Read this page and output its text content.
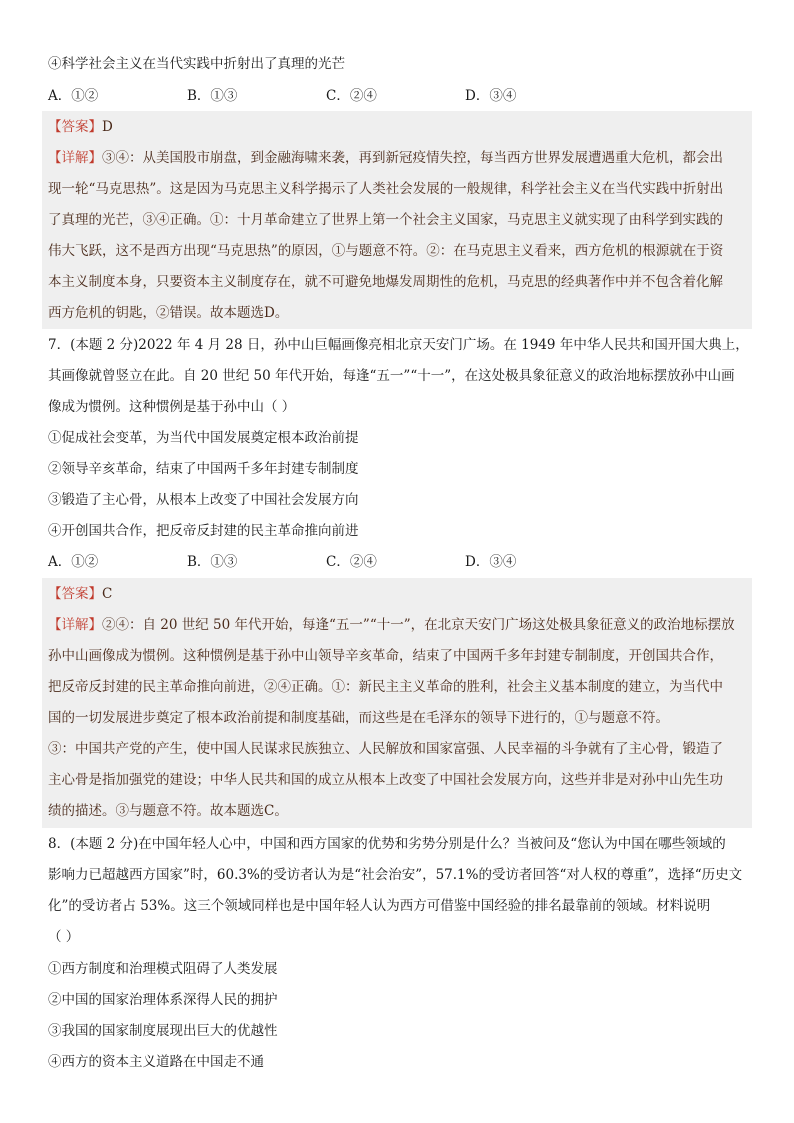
④科学社会主义在当代实践中折射出了真理的光芒
A．①②	B．①③	C．②④	D．③④
【答案】D
【详解】③④：从美国股市崩盘，到金融海啸来袭，再到新冠疫情失控，每当西方世界发展遭遇重大危机，都会出
现一轮“马克思热”。这是因为马克思主义科学揭示了人类社会发展的一般规律，科学社会主义在当代实践中折射出
了真理的光芒，③④正确。①：十月革命建立了世界上第一个社会主义国家，马克思主义就实现了由科学到实践的
伟大飞跃，这不是西方出现“马克思热”的原因，①与题意不符。②：在马克思主义看来，西方危机的根源就在于资
本主义制度本身，只要资本主义制度存在，就不可避免地爆发周期性的危机，马克思的经典著作中并不包含着化解
西方危机的钥匙，②错误。故本题选D。
7．(本题 2 分)2022 年 4 月 28 日，孙中山巨幅画像亮相北京天安门广场。在 1949 年中华人民共和国开国大典上，
其画像就曾竖立在此。自 20 世纪 50 年代开始，每逢“五一”“十一”，在这处极具象征意义的政治地标摆放孙中山画
像成为惯例。这种惯例是基于孙中山（ ）
①促成社会变革，为当代中国发展奠定根本政治前提
②领导辛亥革命，结束了中国两千多年封建专制制度
③锻造了主心骨，从根本上改变了中国社会发展方向
④开创国共合作，把反帝反封建的民主革命推向前进
A．①②	B．①③	C．②④	D．③④
【答案】C
【详解】②④：自 20 世纪 50 年代开始，每逢“五一”“十一”，在北京天安门广场这处极具象征意义的政治地标摆放
孙中山画像成为惯例。这种惯例是基于孙中山领导辛亥革命，结束了中国两千多年封建专制制度，开创国共合作，
把反帝反封建的民主革命推向前进，②④正确。①：新民主主义革命的胜利，社会主义基本制度的建立，为当代中
国的一切发展进步奠定了根本政治前提和制度基础，而这些是在毛泽东的领导下进行的，①与题意不符。
③：中国共产党的产生，使中国人民谋求民族独立、人民解放和国家富强、人民幸福的斗争就有了主心骨，锻造了
主心骨是指加强党的建设；中华人民共和国的成立从根本上改变了中国社会发展方向，这些并非是对孙中山先生功
绩的描述。③与题意不符。故本题选C。
8．(本题 2 分)在中国年轻人心中，中国和西方国家的优势和劣势分别是什么？当被问及“您认为中国在哪些领域的
影响力已超越西方国家”时，60.3%的受访者认为是“社会治安”，57.1%的受访者回答“对人权的尊重”，选择“历史文
化”的受访者占 53%。这三个领域同样也是中国年轻人认为西方可借鉴中国经验的排名最靠前的领域。材料说明
（ ）
①西方制度和治理模式阻碍了人类发展
②中国的国家治理体系深得人民的拥护
③我国的国家制度展现出巨大的优越性
④西方的资本主义道路在中国走不通
